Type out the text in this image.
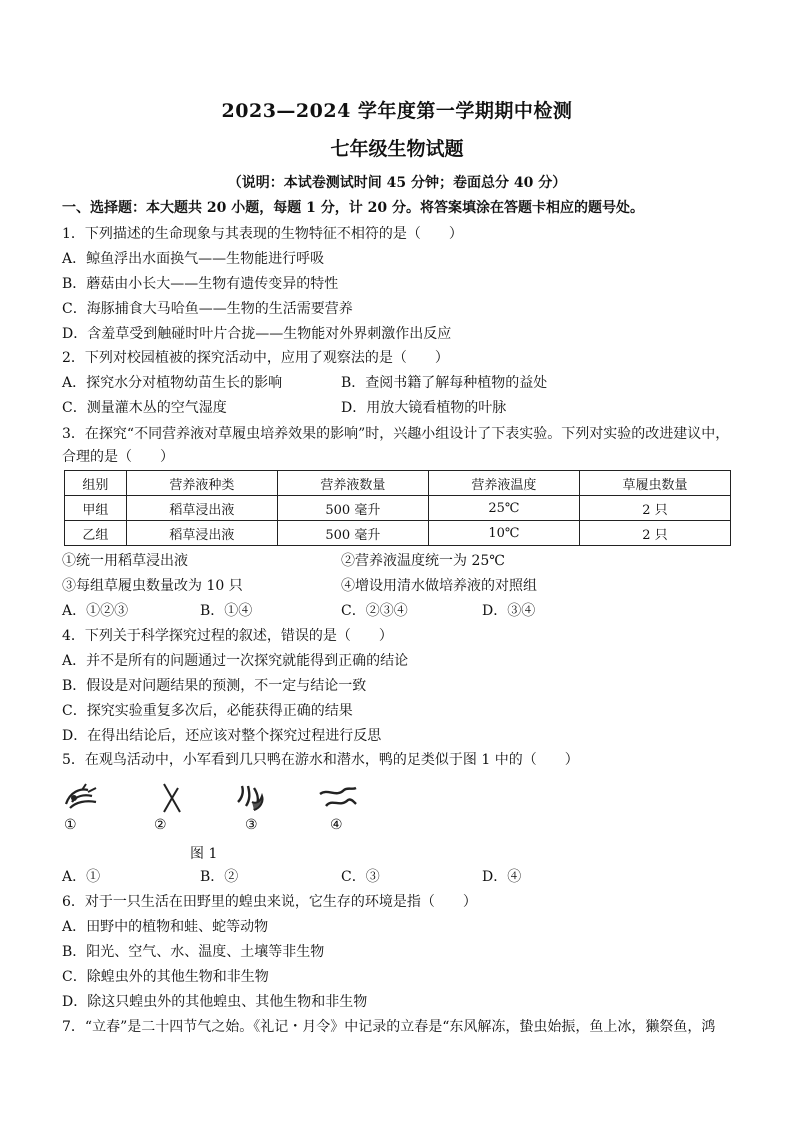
2023—2024 学年度第一学期期中检测
七年级生物试题
（说明：本试卷测试时间 45 分钟；卷面总分 40 分）
一、选择题：本大题共 20 小题，每题 1 分，计 20 分。将答案填涂在答题卡相应的题号处。
1．下列描述的生命现象与其表现的生物特征不相符的是（　　）
A．鲸鱼浮出水面换气——生物能进行呼吸
B．蘑菇由小长大——生物有遗传变异的特性
C．海豚捕食大马哈鱼——生物的生活需要营养
D．含羞草受到触碰时叶片合拢——生物能对外界刺激作出反应
2．下列对校园植被的探究活动中，应用了观察法的是（　　）
A．探究水分对植物幼苗生长的影响	B．查阅书籍了解每种植物的益处
C．测量灌木丛的空气湿度	D．用放大镜看植物的叶脉
3．在探究“不同营养液对草履虫培养效果的影响”时，兴趣小组设计了下表实验。下列对实验的改进建议中，
合理的是（　　）
组别	营养液种类	营养液数量	营养液温度	草履虫数量
甲组	稻草浸出液	500 毫升	25℃	2 只
乙组	稻草浸出液	500 毫升	10℃	2 只
①统一用稻草浸出液	②营养液温度统一为 25℃
③每组草履虫数量改为 10 只	④增设用清水做培养液的对照组
A．①②③	B．①④	C．②③④	D．③④
4．下列关于科学探究过程的叙述，错误的是（　　）
A．并不是所有的问题通过一次探究就能得到正确的结论
B．假设是对问题结果的预测，不一定与结论一致
C．探究实验重复多次后，必能获得正确的结果
D．在得出结论后，还应该对整个探究过程进行反思
5．在观鸟活动中，小军看到几只鸭在游水和潜水，鸭的足类似于图 1 中的（　　）
①	②	③	④
图 1
A．①	B．②	C．③	D．④
6．对于一只生活在田野里的蝗虫来说，它生存的环境是指（　　）
A．田野中的植物和蛙、蛇等动物
B．阳光、空气、水、温度、土壤等非生物
C．除蝗虫外的其他生物和非生物
D．除这只蝗虫外的其他蝗虫、其他生物和非生物
7．“立春”是二十四节气之始。《礼记・月令》中记录的立春是“东风解冻，蛰虫始振，鱼上冰，獭祭鱼，鸿
